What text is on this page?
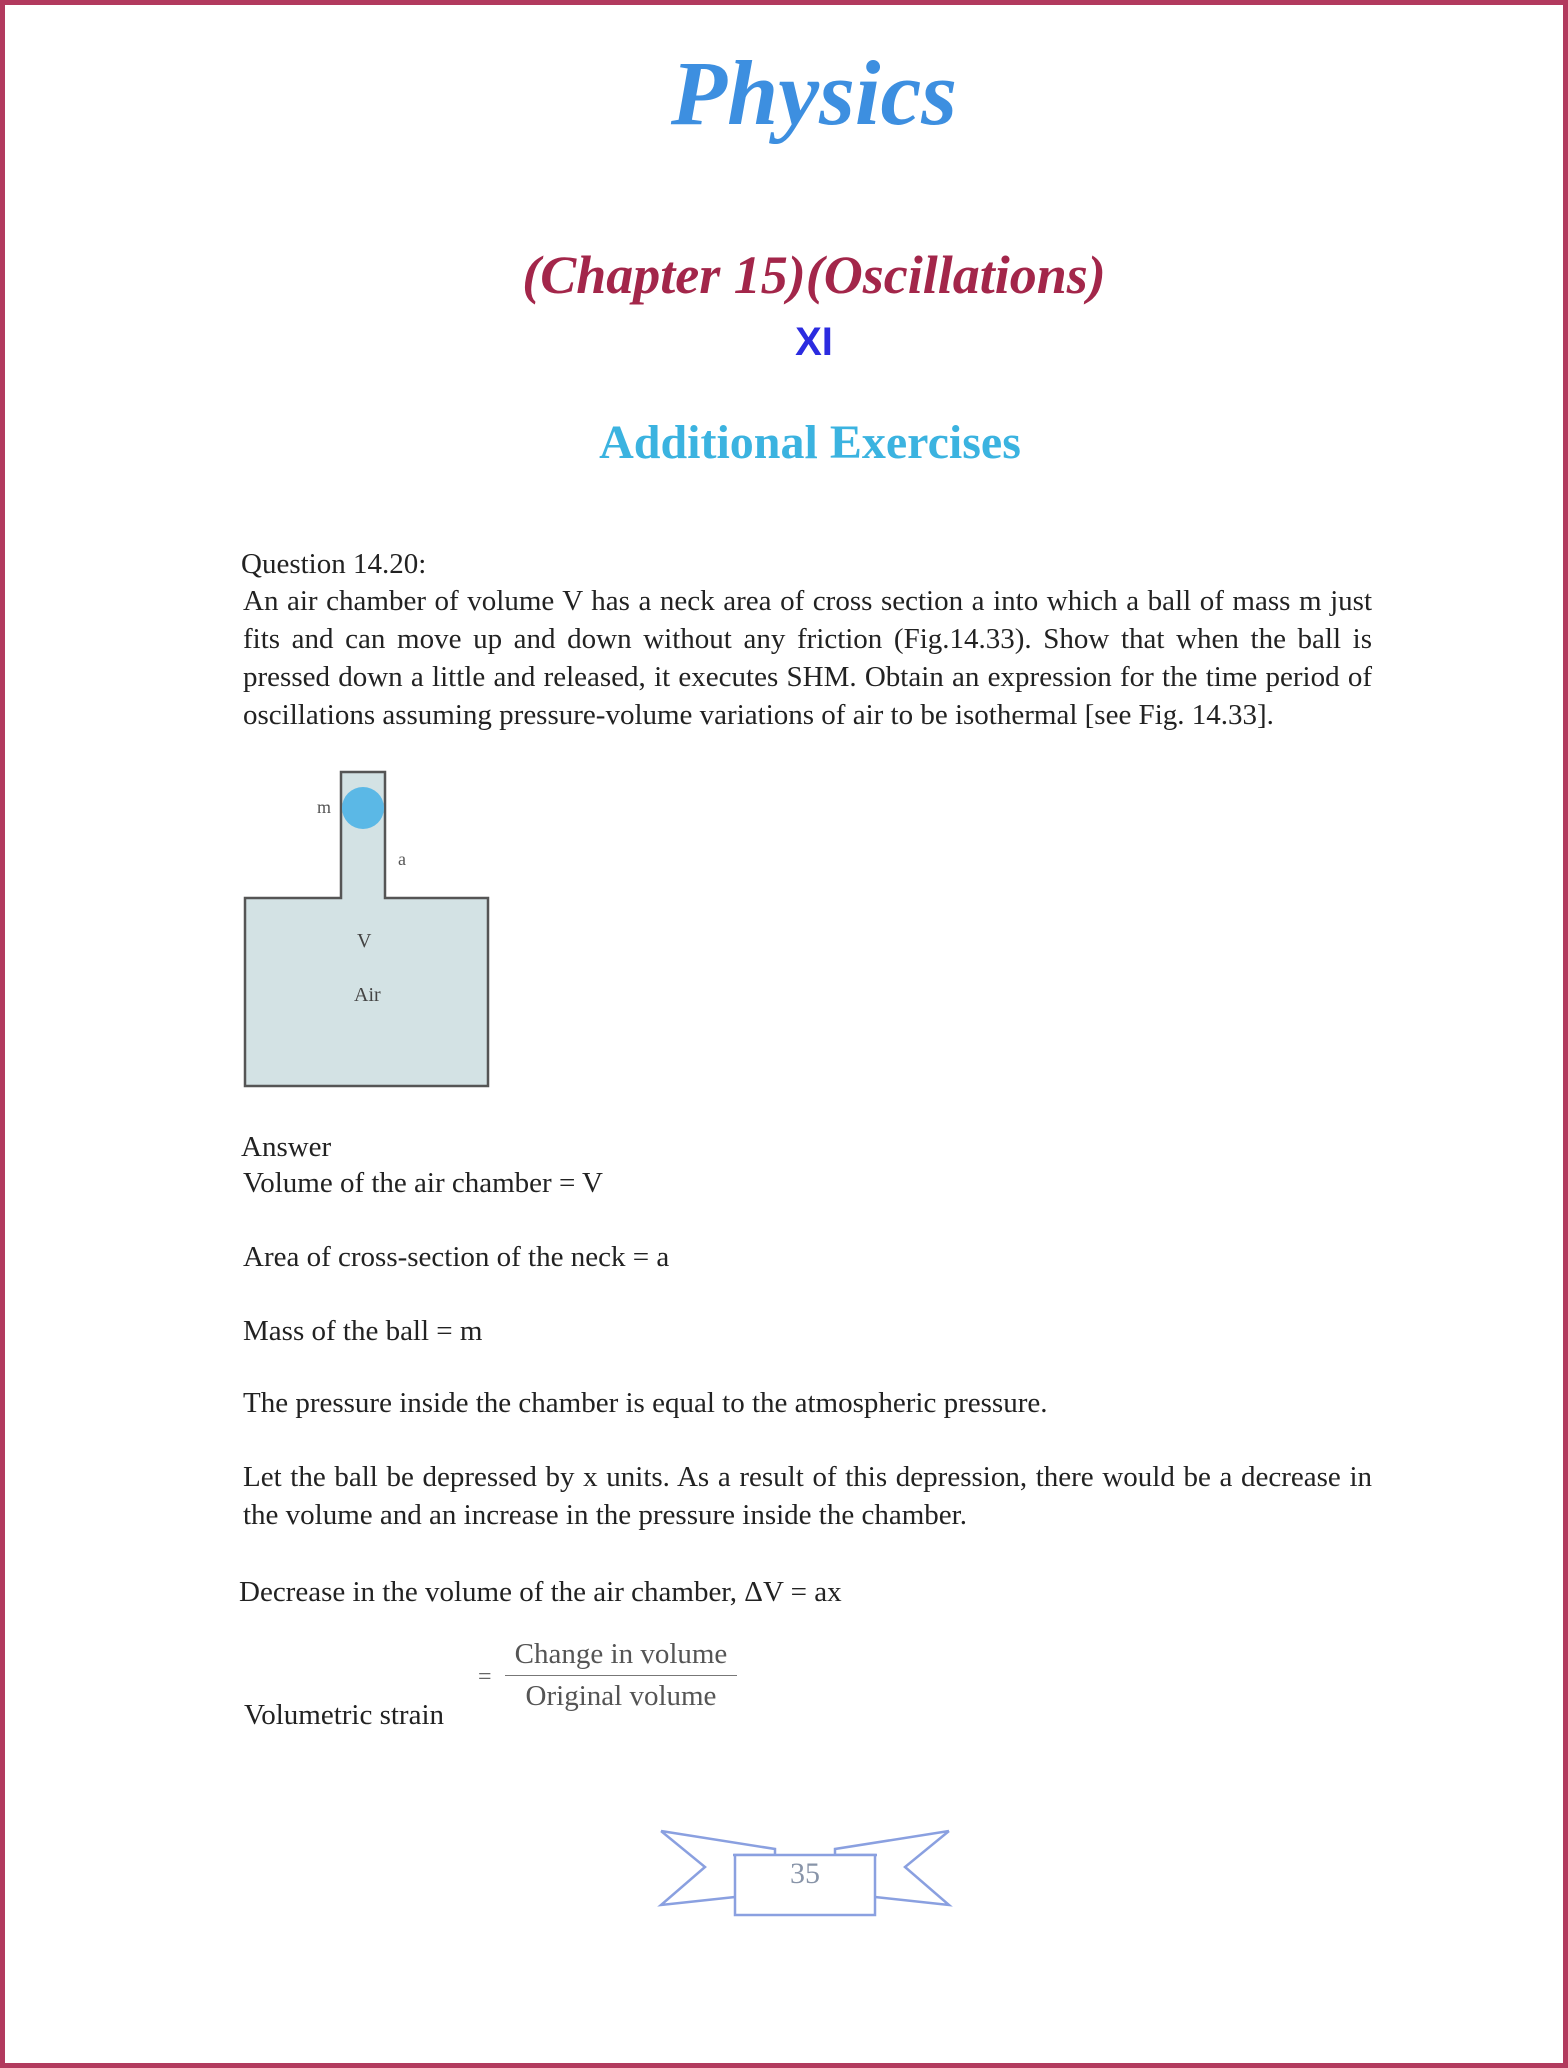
Physics
(Chapter 15)(Oscillations)
XI
Additional Exercises
Question 14.20:
An air chamber of volume V has a neck area of cross section a into which a ball of mass m just fits and can move up and down without any friction (Fig.14.33). Show that when the ball is pressed down a little and released, it executes SHM. Obtain an expression for the time period of oscillations assuming pressure-volume variations of air to be isothermal [see Fig. 14.33].
m
a
V
Air
Answer
Volume of the air chamber = V
Area of cross-section of the neck = a
Mass of the ball = m
The pressure inside the chamber is equal to the atmospheric pressure.
Let the ball be depressed by x units. As a result of this depression, there would be a decrease in the volume and an increase in the pressure inside the chamber.
Decrease in the volume of the air chamber, ΔV = ax
Volumetric strain
=
Change in volume
Original volume
35
